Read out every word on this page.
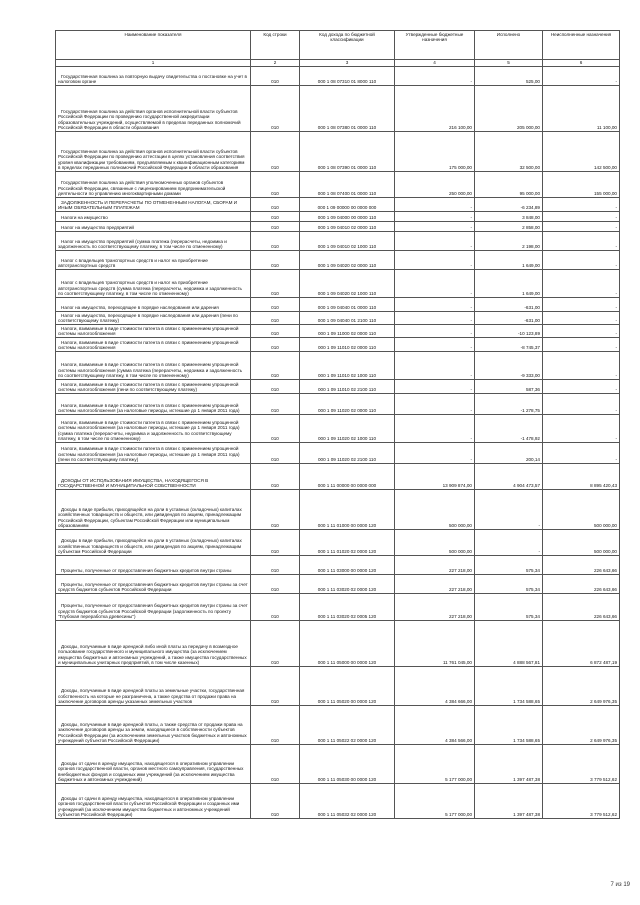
Наименование показателя	Код строки	Код дохода по бюджетной классификации	Утвержденные бюджетные назначения	Исполнено	Неисполненные назначения
1	2	3	4	5	6
Государственная пошлина за повторную выдачу свидетельства о постановке на учет в налоговом органе	010	000 1 08 07310 01 8000 110	-	525,00	-
Государственная пошлина за действия органов исполнительной власти субъектов Российской Федерации по проведению государственной аккредитации образовательных учреждений, осуществляемой в пределах переданных полномочий Российской Федерации в области образования	010	000 1 08 07380 01 0000 110	216 100,00	205 000,00	11 100,00
Государственная пошлина за действия органов исполнительной власти субъектов Российской Федерации по проведению аттестации в целях установления соответствия уровня квалификации требованиям, предъявляемым к квалификационным категориям в пределах переданных полномочий Российской Федерации в области образования	010	000 1 08 07390 01 0000 110	175 000,00	32 500,00	142 500,00
Государственная пошлина за действия уполномоченных органов субъектов Российской Федерации, связанные с лицензированием предпринимательской деятельности по управлению многоквартирными домами	010	000 1 08 07400 01 0000 110	250 000,00	95 000,00	155 000,00
ЗАДОЛЖЕННОСТЬ И ПЕРЕРАСЧЕТЫ ПО ОТМЕНЕННЫМ НАЛОГАМ, СБОРАМ И ИНЫМ ОБЯЗАТЕЛЬНЫМ ПЛАТЕЖАМ	010	000 1 09 00000 00 0000 000	-	-6 234,89	-
Налоги на имущество	010	000 1 09 04000 00 0000 110	-	3 848,00	-
Налог на имущество предприятий	010	000 1 09 04010 02 0000 110	-	2 858,00	-
Налог на имущество предприятий (сумма платежа (перерасчеты, недоимка и задолженность по соответствующему платежу, в том числе по отмененному)	010	000 1 09 04010 02 1000 110	-	2 198,00	-
Налог с владельцев транспортных средств и налог на приобретение автотранспортных средств	010	000 1 09 04020 02 0000 110	-	1 649,00	-
Налог с владельцев транспортных средств и налог на приобретение автотранспортных средств (сумма платежа (перерасчеты, недоимка и задолженность по соответствующему платежу, в том числе по отмененному)	010	000 1 09 04020 02 1000 110	-	1 649,00	-
Налог на имущество, переходящее в порядке наследования или дарения	010	000 1 09 04040 01 0000 110	-	-631,00	-
Налог на имущество, переходящее в порядке наследования или дарения (пени по соответствующему платежу)	010	000 1 09 04040 01 2100 110	-	-631,00	-
Налоги, взимаемые в виде стоимости патента в связи с применением упрощенной системы налогообложения	010	000 1 09 11000 02 0000 110	-	-10 123,89	-
Налоги, взимаемые в виде стоимости патента в связи с применением упрощенной системы налогообложения	010	000 1 09 11010 02 0000 110	-	-8 745,37	-
Налоги, взимаемые в виде стоимости патента в связи с применением упрощенной системы налогообложения (сумма платежа (перерасчеты, недоимка и задолженность по соответствующему платежу, в том числе по отмененному)	010	000 1 09 11010 02 1000 110	-	-9 333,00	-
Налоги, взимаемые в виде стоимости патента в связи с применением упрощенной системы налогообложения (пени по соответствующему платежу)	010	000 1 09 11010 02 2100 110	-	587,36	-
Налоги, взимаемые в виде стоимости патента в связи с применением упрощенной системы налогообложения (за налоговые периоды, истекшие до 1 января 2011 года)	010	000 1 09 11020 02 0000 110	-	-1 278,75	-
Налоги, взимаемые в виде стоимости патента в связи с применением упрощенной системы налогообложения (за налоговые периоды, истекшие до 1 января 2011 года) (сумма платежа (перерасчеты, недоимка и задолженность по соответствующему платежу, в том числе по отмененному)	010	000 1 09 11020 02 1000 110	-	-1 478,92	-
Налоги, взимаемые в виде стоимости патента в связи с применением упрощенной системы налогообложения (за налоговые периоды, истекшие до 1 января 2011 года) (пени по соответствующему платежу)	010	000 1 09 11020 02 2100 110	-	200,14	-
ДОХОДЫ ОТ ИСПОЛЬЗОВАНИЯ ИМУЩЕСТВА, НАХОДЯЩЕГОСЯ В ГОСУДАРСТВЕННОЙ И МУНИЦИПАЛЬНОЙ СОБСТВЕННОСТИ	010	000 1 11 00000 00 0000 000	13 909 874,00	4 904 473,57	8 895 420,43
Доходы в виде прибыли, приходящейся на доли в уставных (складочных) капиталах хозяйственных товариществ и обществ, или дивидендов по акциям, принадлежащим Российской Федерации, субъектам Российской Федерации или муниципальным образованиям	010	000 1 11 01000 00 0000 120	500 000,00	-	500 000,00
Доходы в виде прибыли, приходящейся на доли в уставных (складочных) капиталах хозяйственных товариществ и обществ, или дивидендов по акциям, принадлежащим субъектам Российской Федерации	010	000 1 11 01020 02 0000 120	500 000,00	-	500 000,00
Проценты, полученные от предоставления бюджетных кредитов внутри страны	010	000 1 11 03000 00 0000 120	227 218,00	575,34	226 643,66
Проценты, полученные от предоставления бюджетных кредитов внутри страны за счет средств бюджетов субъектов Российской Федерации	010	000 1 11 03020 02 0000 120	227 218,00	575,34	226 643,66
Проценты, полученные от предоставления бюджетных кредитов внутри страны за счет средств бюджетов субъектов Российской Федерации (задолженность по проекту "Глубокая переработка древесины")	010	000 1 11 03020 02 0005 120	227 218,00	575,34	226 643,66
Доходы, получаемые в виде арендной либо иной платы за передачу в возмездное пользование государственного и муниципального имущества (за исключением имущества бюджетных и автономных учреждений, а также имущества государственных и муниципальных унитарных предприятий, в том числе казенных)	010	000 1 11 05000 00 0000 120	11 761 045,00	4 888 567,81	6 872 487,19
Доходы, получаемые в виде арендной платы за земельные участки, государственная собственность на которые не разграничена, а также средства от продажи права на заключение договоров аренды указанных земельных участков	010	000 1 11 05020 00 0000 120	4 384 666,00	1 734 588,65	2 649 976,35
Доходы, получаемые в виде арендной платы, а также средства от продажи права на заключение договоров аренды за земли, находящиеся в собственности субъектов Российской Федерации (за исключением земельных участков бюджетных и автономных учреждений субъектов Российской Федерации)	010	000 1 11 05022 02 0000 120	4 384 566,00	1 734 588,65	2 649 976,35
Доходы от сдачи в аренду имущества, находящегося в оперативном управлении органов государственной власти, органов местного самоуправления, государственных внебюджетных фондов и созданных ими учреждений (за исключением имущества бюджетных и автономных учреждений)	010	000 1 11 05030 00 0000 120	5 177 000,00	1 397 487,38	3 779 512,62
Доходы от сдачи в аренду имущества, находящегося в оперативном управлении органов государственной власти субъектов Российской Федерации и созданных ими учреждений (за исключением имущества бюджетных и автономных учреждений субъектов Российской Федерации)	010	000 1 11 05032 02 0000 120	5 177 000,00	1 397 487,38	3 779 512,62
7 из 19
